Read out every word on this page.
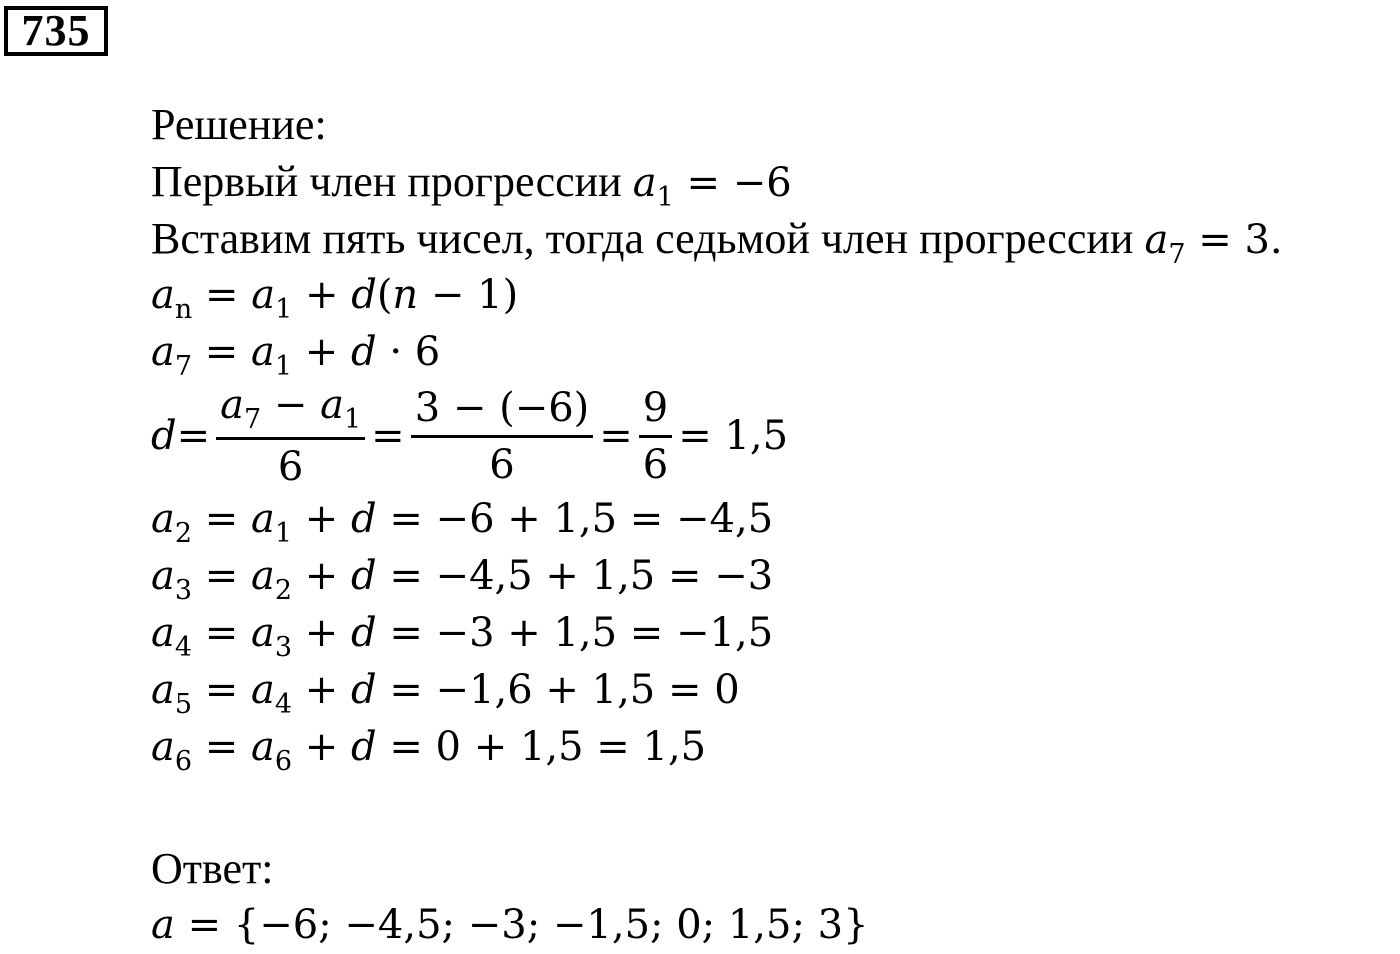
735
Решение:
Первый член прогрессии $a_1 = -6$
Вставим пять чисел, тогда седьмой член прогрессии $a_7 = 3$.
$a_n = a_1 + d(n - 1)$
$a_7 = a_1 + d \cdot 6$
$d = \frac{a_7 - a_1}{6} = \frac{3 - (-6)}{6} = \frac{9}{6} = 1,5$
$a_2 = a_1 + d = -6 + 1,5 = -4,5$
$a_3 = a_2 + d = -4,5 + 1,5 = -3$
$a_4 = a_3 + d = -3 + 1,5 = -1,5$
$a_5 = a_4 + d = -1,6 + 1,5 = 0$
$a_6 = a_6 + d = 0 + 1,5 = 1,5$
Ответ:
a = {−6; −4,5; −3; −1,5; 0; 1,5; 3}
